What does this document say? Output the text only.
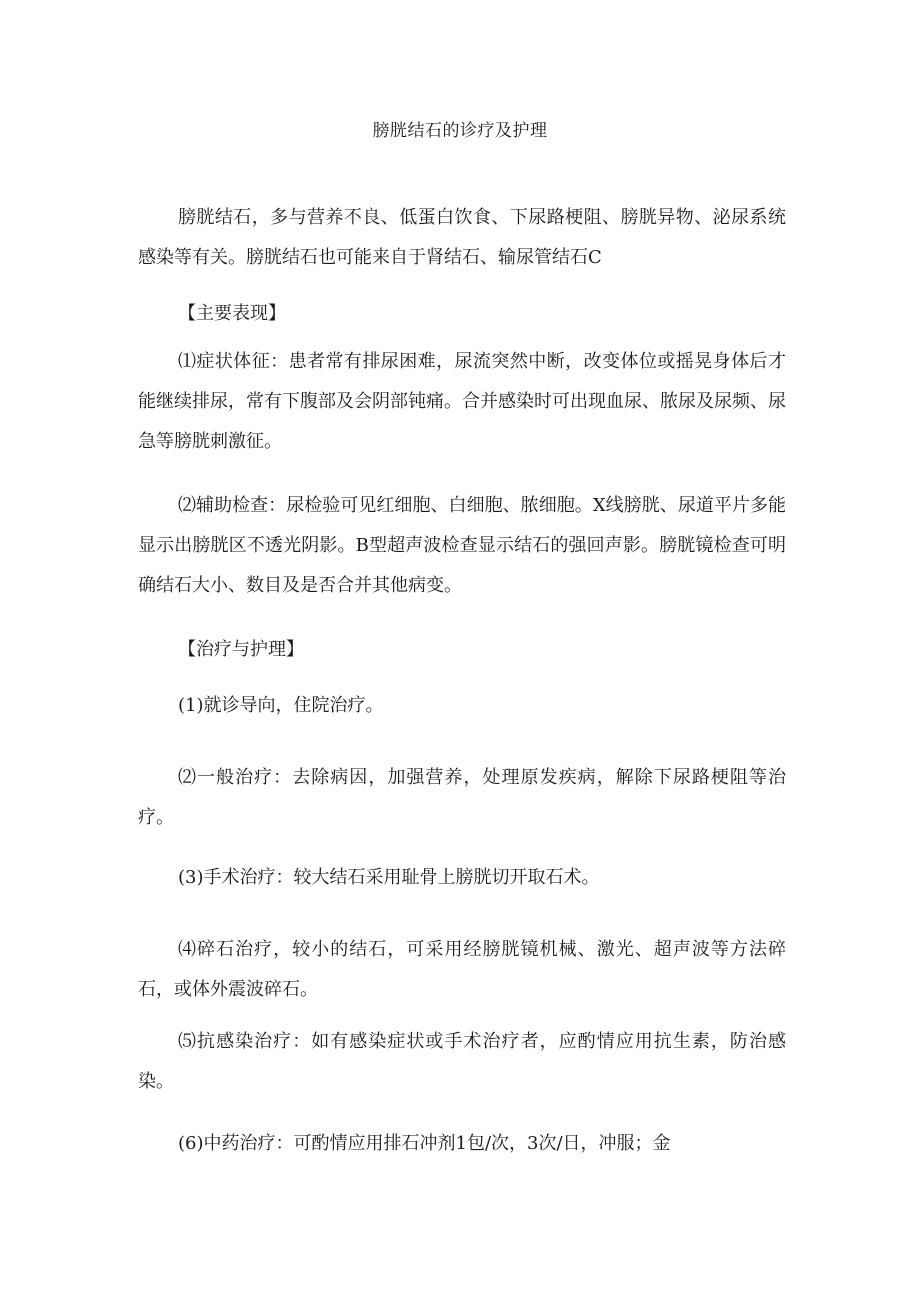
膀胱结石的诊疗及护理
膀胱结石，多与营养不良、低蛋白饮食、下尿路梗阻、膀胱异物、泌尿系统感染等有关。膀胱结石也可能来自于肾结石、输尿管结石C
【主要表现】
⑴症状体征：患者常有排尿困难，尿流突然中断，改变体位或摇晃身体后才能继续排尿，常有下腹部及会阴部钝痛。合并感染时可出现血尿、脓尿及尿频、尿急等膀胱刺激征。
⑵辅助检查：尿检验可见红细胞、白细胞、脓细胞。X线膀胱、尿道平片多能显示出膀胱区不透光阴影。B型超声波检查显示结石的强回声影。膀胱镜检查可明确结石大小、数目及是否合并其他病变。
【治疗与护理】
(1)就诊导向，住院治疗。
⑵一般治疗：去除病因，加强营养，处理原发疾病，解除下尿路梗阻等治疗。
(3)手术治疗：较大结石采用耻骨上膀胱切开取石术。
⑷碎石治疗，较小的结石，可采用经膀胱镜机械、激光、超声波等方法碎石，或体外震波碎石。
⑸抗感染治疗：如有感染症状或手术治疗者，应酌情应用抗生素，防治感染。
(6)中药治疗：可酌情应用排石冲剂1包/次，3次/日，冲服；金
